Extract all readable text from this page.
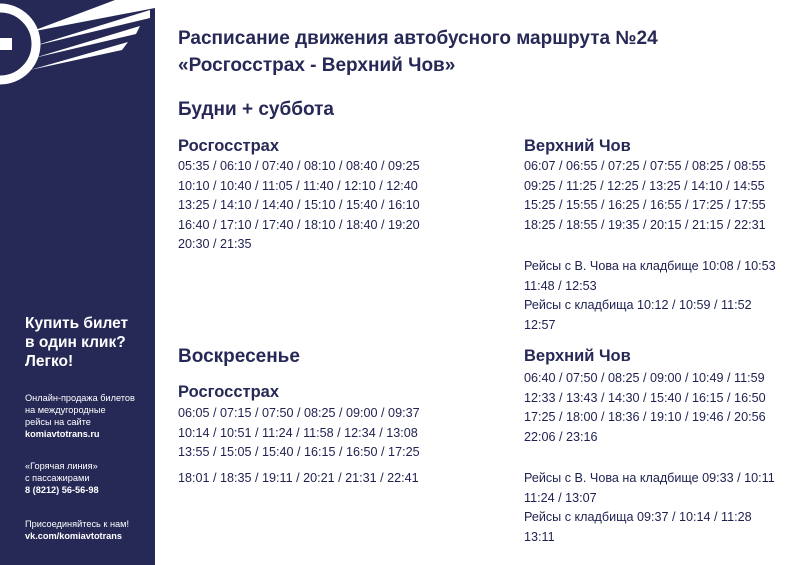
Купить билет
в один клик?
Легко!
Онлайн-продажа билетов
на междугородные
рейсы на сайте
komiavtotrans.ru
«Горячая линия»
с пассажирами
8 (8212) 56-56-98
Присоединяйтесь к нам!
vk.com/komiavtotrans
Расписание движения автобусного маршрута №24
«Росгосстрах - Верхний Чов»
Будни + суббота
Росгосстрах
05:35 / 06:10 / 07:40 / 08:10 / 08:40 / 09:25
10:10 / 10:40 / 11:05 / 11:40 / 12:10 / 12:40
13:25 / 14:10 / 14:40 / 15:10 / 15:40 / 16:10
16:40 / 17:10 / 17:40 / 18:10 / 18:40 / 19:20
20:30 / 21:35
Верхний Чов
06:07 / 06:55 / 07:25 / 07:55 / 08:25 / 08:55
09:25 / 11:25 / 12:25 / 13:25 / 14:10 / 14:55
15:25 / 15:55 / 16:25 / 16:55 / 17:25 / 17:55
18:25 / 18:55 / 19:35 / 20:15 / 21:15 / 22:31
Рейсы с В. Чова на кладбище 10:08 / 10:53
11:48 / 12:53
Рейсы с кладбища 10:12 / 10:59 / 11:52
12:57
Воскресенье
Росгосстрах
06:05 / 07:15 / 07:50 / 08:25 / 09:00 / 09:37
10:14 / 10:51 / 11:24 / 11:58 / 12:34 / 13:08
13:55 / 15:05 / 15:40 / 16:15 / 16:50 / 17:25
18:01 / 18:35 / 19:11 / 20:21 / 21:31 / 22:41
Верхний Чов
06:40 / 07:50 / 08:25 / 09:00 / 10:49 / 11:59
12:33 / 13:43 / 14:30 / 15:40 / 16:15 / 16:50
17:25 / 18:00 / 18:36 / 19:10 / 19:46 / 20:56
22:06 / 23:16
Рейсы с В. Чова на кладбище 09:33 / 10:11
11:24 / 13:07
Рейсы с кладбища 09:37 / 10:14 / 11:28
13:11
